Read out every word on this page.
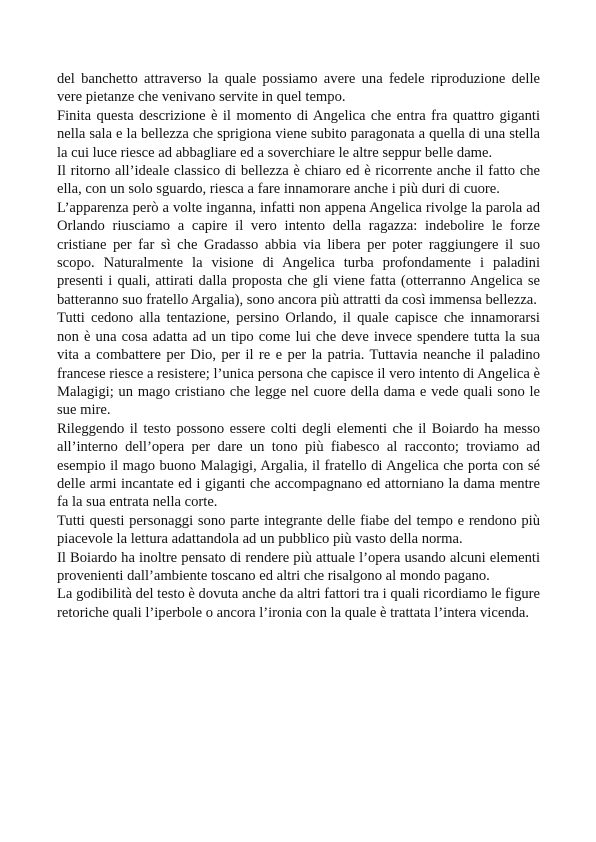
del banchetto attraverso la quale possiamo avere una fedele riproduzione delle vere pietanze che venivano servite in quel tempo.

Finita questa descrizione è il momento di Angelica che entra fra quattro giganti nella sala e la bellezza che sprigiona viene subito paragonata a quella di una stella la cui luce riesce ad abbagliare ed a soverchiare le altre seppur belle dame.

Il ritorno all’ideale classico di bellezza è chiaro ed è ricorrente anche il fatto che ella, con un solo sguardo, riesca a fare innamorare anche i più duri di cuore.

L’apparenza però a volte inganna, infatti non appena Angelica rivolge la parola ad Orlando riusciamo a capire il vero intento della ragazza: indebolire le forze cristiane per far sì che Gradasso abbia via libera per poter raggiungere il suo scopo. Naturalmente la visione di Angelica turba profondamente i paladini presenti i quali, attirati dalla proposta che gli viene fatta (otterranno Angelica se batteranno suo fratello Argalia), sono ancora più attratti da così immensa bellezza.

Tutti cedono alla tentazione, persino Orlando, il quale capisce che innamorarsi non è una cosa adatta ad un tipo come lui che deve invece spendere tutta la sua vita a combattere per Dio, per il re e per la patria. Tuttavia neanche il paladino francese riesce a resistere; l’unica persona che capisce il vero intento di Angelica è Malagigi; un mago cristiano che legge nel cuore della dama e vede quali sono le sue mire.

Rileggendo il testo possono essere colti degli elementi che il Boiardo ha messo all’interno dell’opera per dare un tono più fiabesco al racconto; troviamo ad esempio il mago buono Malagigi, Argalia, il fratello di Angelica che porta con sé delle armi incantate ed i giganti che accompagnano ed attorniano la dama mentre fa la sua entrata nella corte.

Tutti questi personaggi sono parte integrante delle fiabe del tempo e rendono più piacevole la lettura adattandola ad un pubblico più vasto della norma.

Il Boiardo ha inoltre pensato di rendere più attuale l’opera usando alcuni elementi provenienti dall’ambiente toscano ed altri che risalgono al mondo pagano.

La godibilità del testo è dovuta anche da altri fattori tra i quali ricordiamo le figure retoriche quali l’iperbole o ancora l’ironia con la quale è trattata l’intera vicenda.
